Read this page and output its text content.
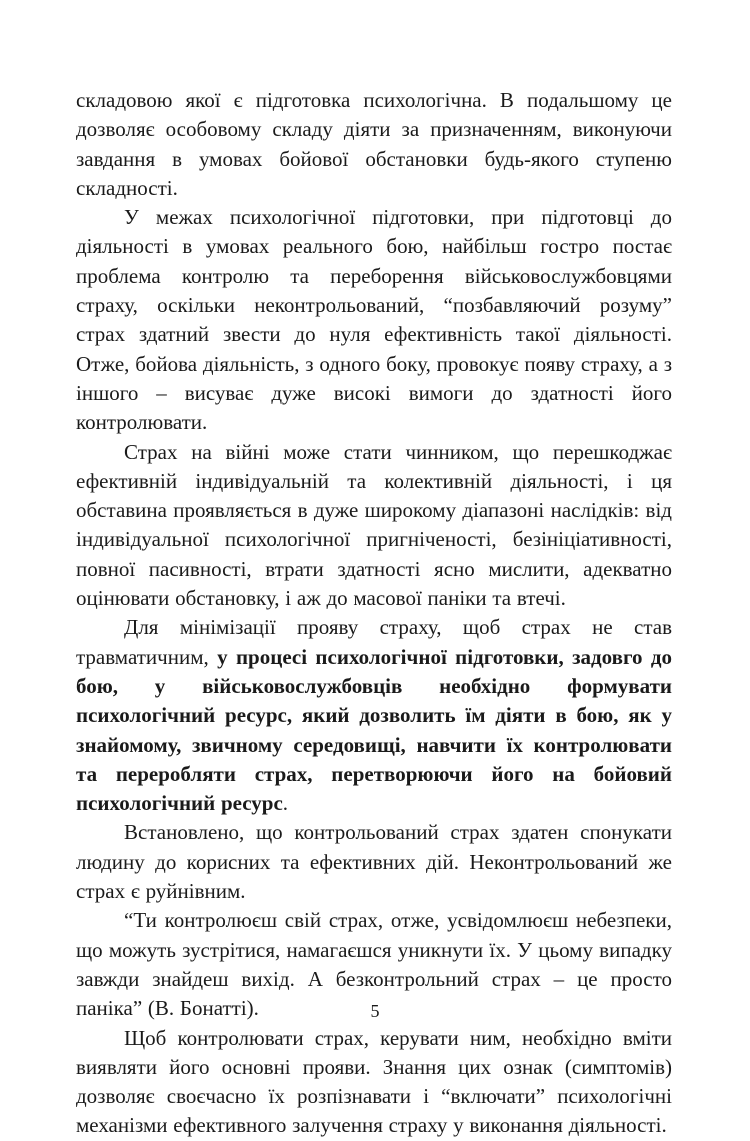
складовою якої є підготовка психологічна. В подальшому це дозволяє особовому складу діяти за призначенням, виконуючи завдання в умовах бойової обстановки будь-якого ступеню складності.

У межах психологічної підготовки, при підготовці до діяльності в умовах реального бою, найбільш гостро постає проблема контролю та переборення військовослужбовцями страху, оскільки неконтрольований, “позбавляючий розуму” страх здатний звести до нуля ефективність такої діяльності. Отже, бойова діяльність, з одного боку, провокує появу страху, а з іншого – висуває дуже високі вимоги до здатності його контролювати.

Страх на війні може стати чинником, що перешкоджає ефективній індивідуальній та колективній діяльності, і ця обставина проявляється в дуже широкому діапазоні наслідків: від індивідуальної психологічної пригніченості, безініціативності, повної пасивності, втрати здатності ясно мислити, адекватно оцінювати обстановку, і аж до масової паніки та втечі.

Для мінімізації прояву страху, щоб страх не став травматичним, у процесі психологічної підготовки, задовго до бою, у військовослужбовців необхідно формувати психологічний ресурс, який дозволить їм діяти в бою, як у знайомому, звичному середовищі, навчити їх контролювати та переробляти страх, перетворюючи його на бойовий психологічний ресурс.

Встановлено, що контрольований страх здатен спонукати людину до корисних та ефективних дій. Неконтрольований же страх є руйнівним.

“Ти контролюєш свій страх, отже, усвідомлюєш небезпеки, що можуть зустрітися, намагаєшся уникнути їх. У цьому випадку завжди знайдеш вихід. А безконтрольний страх – це просто паніка” (В. Бонатті).

Щоб контролювати страх, керувати ним, необхідно вміти виявляти його основні прояви. Знання цих ознак (симптомів) дозволяє своєчасно їх розпізнавати і “включати” психологічні механізми ефективного залучення страху у виконання діяльності.

5
